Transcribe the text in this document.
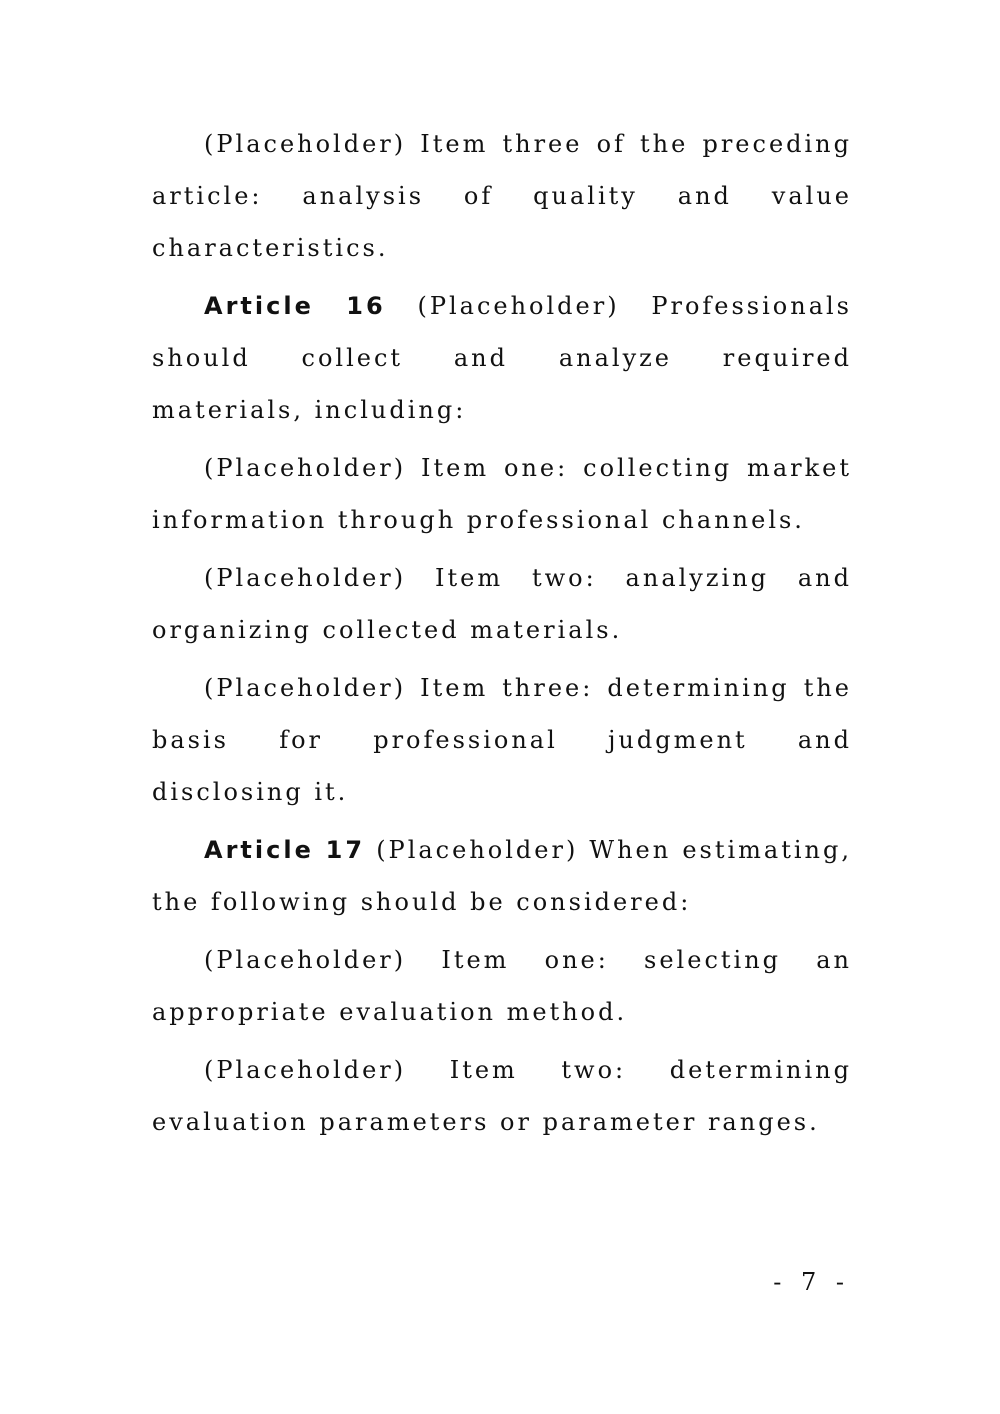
(Placeholder) Item three of the preceding article: analysis of quality and value characteristics.

Article 16 (Placeholder) Professionals should collect and analyze required materials, including:

(Placeholder) Item one: collecting market information through professional channels.

(Placeholder) Item two: analyzing and organizing collected materials.

(Placeholder) Item three: determining the basis for professional judgment and disclosing it.

Article 17 (Placeholder) When estimating, the following should be considered:

(Placeholder) Item one: selecting an appropriate evaluation method.

(Placeholder) Item two: determining evaluation parameters or parameter ranges.

- 7 -
